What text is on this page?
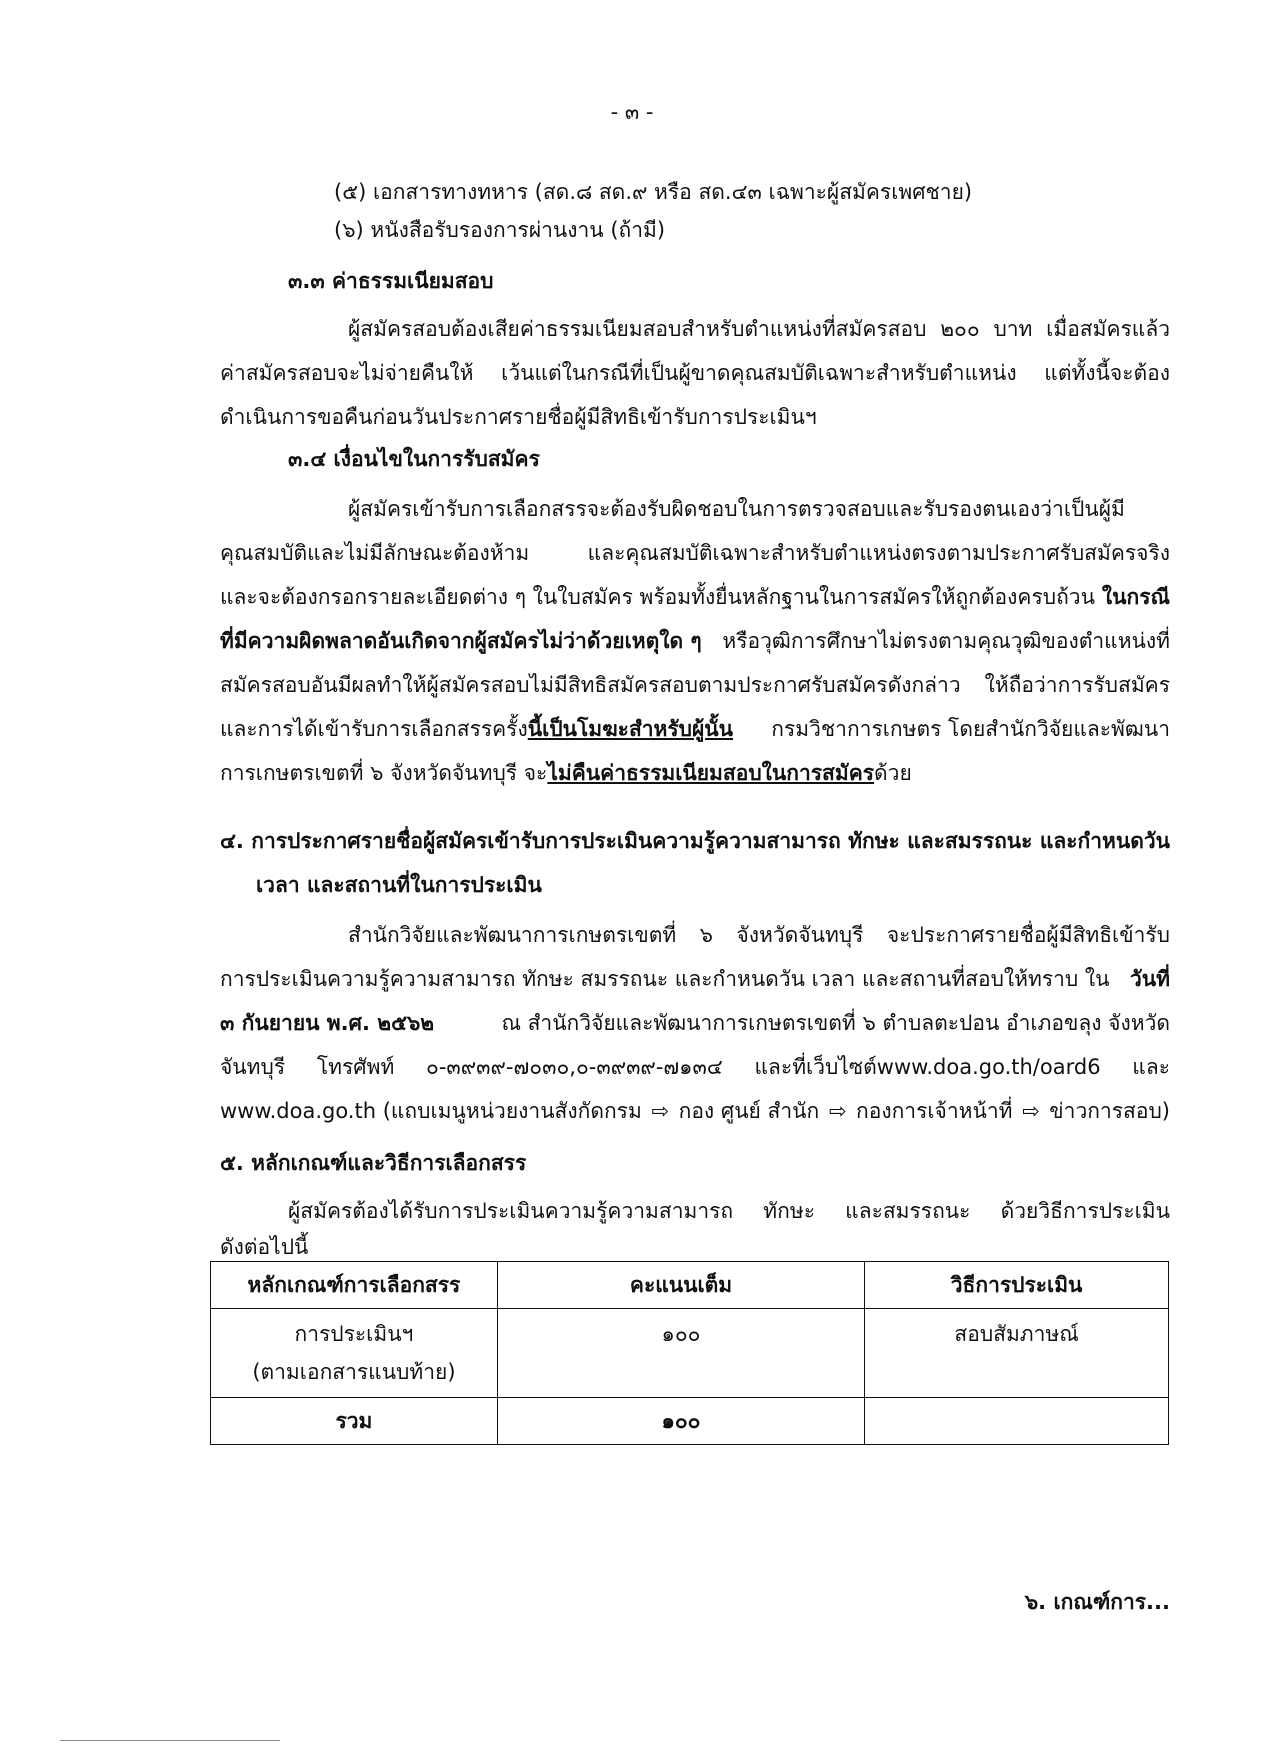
- ๓ -
(๕) เอกสารทางทหาร (สด.๘ สด.๙ หรือ สด.๔๓ เฉพาะผู้สมัครเพศชาย)
(๖) หนังสือรับรองการผ่านงาน (ถ้ามี)
๓.๓ ค่าธรรมเนียมสอบ
ผู้สมัครสอบต้องเสียค่าธรรมเนียมสอบสำหรับตำแหน่งที่สมัครสอบ ๒๐๐ บาท เมื่อสมัครแล้ว
ค่าสมัครสอบจะไม่จ่ายคืนให้ เว้นแต่ในกรณีที่เป็นผู้ขาดคุณสมบัติเฉพาะสำหรับตำแหน่ง แต่ทั้งนี้จะต้อง
ดำเนินการขอคืนก่อนวันประกาศรายชื่อผู้มีสิทธิเข้ารับการประเมินฯ
๓.๔ เงื่อนไขในการรับสมัคร
ผู้สมัครเข้ารับการเลือกสรรจะต้องรับผิดชอบในการตรวจสอบและรับรองตนเองว่าเป็นผู้มี
คุณสมบัติและไม่มีลักษณะต้องห้าม และคุณสมบัติเฉพาะสำหรับตำแหน่งตรงตามประกาศรับสมัครจริง
และจะต้องกรอกรายละเอียดต่าง ๆ ในใบสมัคร พร้อมทั้งยื่นหลักฐานในการสมัครให้ถูกต้องครบถ้วน ในกรณี
ที่มีความผิดพลาดอันเกิดจากผู้สมัครไม่ว่าด้วยเหตุใด ๆ หรือวุฒิการศึกษาไม่ตรงตามคุณวุฒิของตำแหน่งที่
สมัครสอบอันมีผลทำให้ผู้สมัครสอบไม่มีสิทธิสมัครสอบตามประกาศรับสมัครดังกล่าว ให้ถือว่าการรับสมัคร
และการได้เข้ารับการเลือกสรรครั้งนี้เป็นโมฆะสำหรับผู้นั้น กรมวิชาการเกษตร โดยสำนักวิจัยและพัฒนา
การเกษตรเขตที่ ๖ จังหวัดจันทบุรี จะไม่คืนค่าธรรมเนียมสอบในการสมัครด้วย
๔. การประกาศรายชื่อผู้สมัครเข้ารับการประเมินความรู้ความสามารถ ทักษะ และสมรรถนะ และกำหนดวัน
เวลา และสถานที่ในการประเมิน
สำนักวิจัยและพัฒนาการเกษตรเขตที่ ๖ จังหวัดจันทบุรี จะประกาศรายชื่อผู้มีสิทธิเข้ารับ
การประเมินความรู้ความสามารถ ทักษะ สมรรถนะ และกำหนดวัน เวลา และสถานที่สอบให้ทราบ ใน วันที่
๓ กันยายน พ.ศ. ๒๕๖๒	ณ สำนักวิจัยและพัฒนาการเกษตรเขตที่ ๖ ตำบลตะปอน อำเภอขลุง จังหวัด
จันทบุรี โทรศัพท์ ๐-๓๙๓๙-๗๐๓๐,๐-๓๙๓๙-๗๑๓๔ และที่เว็บไซต์www.doa.go.th/oard6 และ
www.doa.go.th (แถบเมนูหน่วยงานสังกัดกรม ⇨ กอง ศูนย์ สำนัก ⇨ กองการเจ้าหน้าที่ ⇨ ข่าวการสอบ)
๕. หลักเกณฑ์และวิธีการเลือกสรร
ผู้สมัครต้องได้รับการประเมินความรู้ความสามารถ ทักษะ และสมรรถนะ ด้วยวิธีการประเมิน
ดังต่อไปนี้
หลักเกณฑ์การเลือกสรร	คะแนนเต็ม	วิธีการประเมิน

การประเมินฯ
(ตามเอกสารแนบท้าย)	๑๐๐	สอบสัมภาษณ์

รวม	๑๐๐	
๖. เกณฑ์การ...
